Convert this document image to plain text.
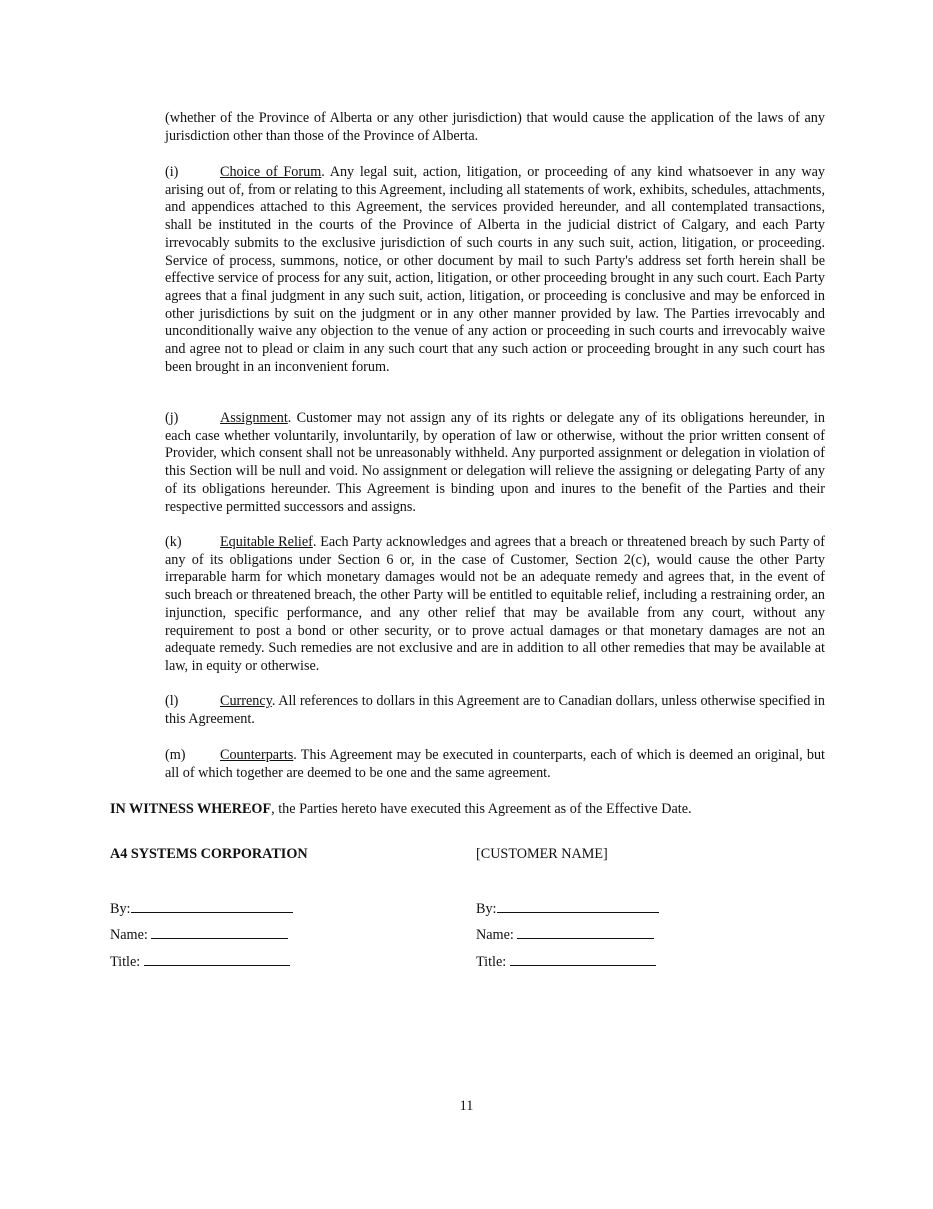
(whether of the Province of Alberta or any other jurisdiction) that would cause the application of the laws of any jurisdiction other than those of the Province of Alberta.

(i)	Choice of Forum. Any legal suit, action, litigation, or proceeding of any kind whatsoever in any way arising out of, from or relating to this Agreement, including all statements of work, exhibits, schedules, attachments, and appendices attached to this Agreement, the services provided hereunder, and all contemplated transactions, shall be instituted in the courts of the Province of Alberta in the judicial district of Calgary, and each Party irrevocably submits to the exclusive jurisdiction of such courts in any such suit, action, litigation, or proceeding. Service of process, summons, notice, or other document by mail to such Party's address set forth herein shall be effective service of process for any suit, action, litigation, or other proceeding brought in any such court. Each Party agrees that a final judgment in any such suit, action, litigation, or proceeding is conclusive and may be enforced in other jurisdictions by suit on the judgment or in any other manner provided by law. The Parties irrevocably and unconditionally waive any objection to the venue of any action or proceeding in such courts and irrevocably waive and agree not to plead or claim in any such court that any such action or proceeding brought in any such court has been brought in an inconvenient forum.

(j)	Assignment. Customer may not assign any of its rights or delegate any of its obligations hereunder, in each case whether voluntarily, involuntarily, by operation of law or otherwise, without the prior written consent of Provider, which consent shall not be unreasonably withheld. Any purported assignment or delegation in violation of this Section will be null and void. No assignment or delegation will relieve the assigning or delegating Party of any of its obligations hereunder. This Agreement is binding upon and inures to the benefit of the Parties and their respective permitted successors and assigns.

(k)	Equitable Relief. Each Party acknowledges and agrees that a breach or threatened breach by such Party of any of its obligations under Section 6 or, in the case of Customer, Section 2(c), would cause the other Party irreparable harm for which monetary damages would not be an adequate remedy and agrees that, in the event of such breach or threatened breach, the other Party will be entitled to equitable relief, including a restraining order, an injunction, specific performance, and any other relief that may be available from any court, without any requirement to post a bond or other security, or to prove actual damages or that monetary damages are not an adequate remedy. Such remedies are not exclusive and are in addition to all other remedies that may be available at law, in equity or otherwise.

(l)	Currency. All references to dollars in this Agreement are to Canadian dollars, unless otherwise specified in this Agreement.

(m) Counterparts. This Agreement may be executed in counterparts, each of which is deemed an original, but all of which together are deemed to be one and the same agreement.

IN WITNESS WHEREOF, the Parties hereto have executed this Agreement as of the Effective Date.

A4 SYSTEMS CORPORATION	[CUSTOMER NAME]
By:
Name:
Title:
By:
Name:
Title:
11
